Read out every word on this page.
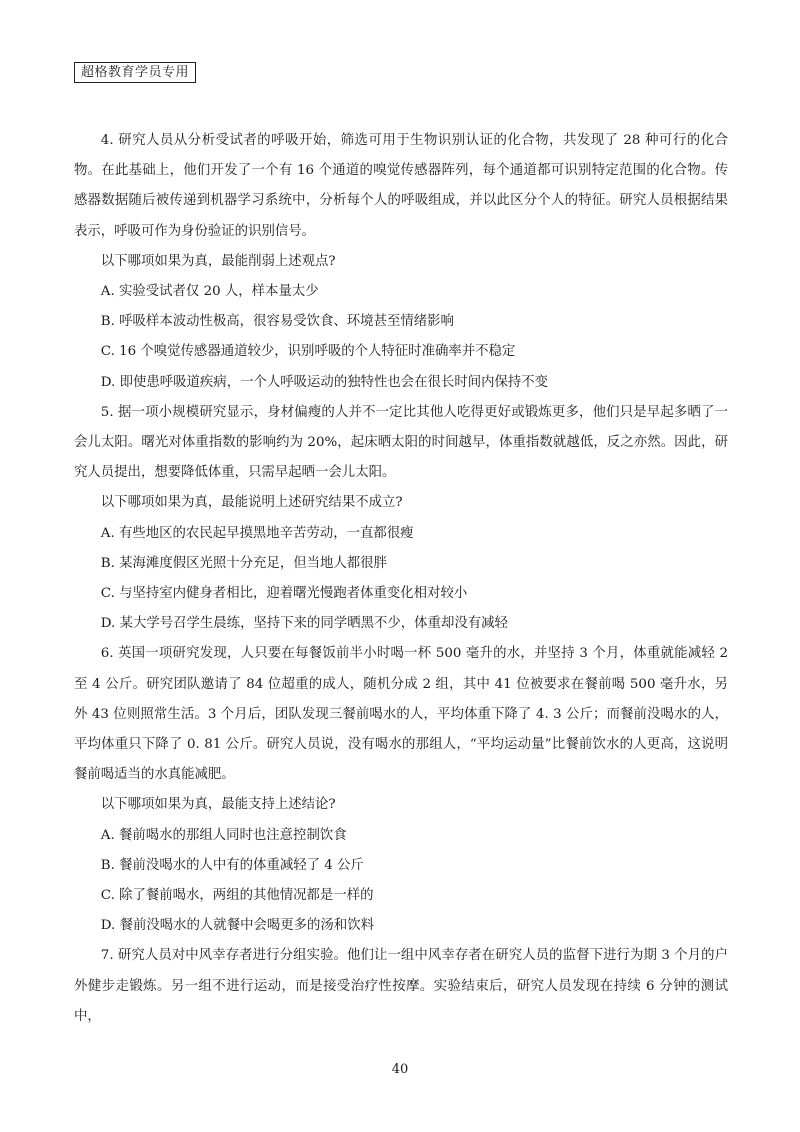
超格教育学员专用

4. 研究人员从分析受试者的呼吸开始，筛选可用于生物识别认证的化合物，共发现了 28 种可行的化合物。在此基础上，他们开发了一个有 16 个通道的嗅觉传感器阵列，每个通道都可识别特定范围的化合物。传感器数据随后被传递到机器学习系统中，分析每个人的呼吸组成，并以此区分个人的特征。研究人员根据结果表示，呼吸可作为身份验证的识别信号。

以下哪项如果为真，最能削弱上述观点?

A. 实验受试者仅 20 人，样本量太少

B. 呼吸样本波动性极高，很容易受饮食、环境甚至情绪影响

C. 16 个嗅觉传感器通道较少，识别呼吸的个人特征时准确率并不稳定

D. 即使患呼吸道疾病，一个人呼吸运动的独特性也会在很长时间内保持不变

5. 据一项小规模研究显示，身材偏瘦的人并不一定比其他人吃得更好或锻炼更多，他们只是早起多晒了一会儿太阳。曙光对体重指数的影响约为 20%，起床晒太阳的时间越早，体重指数就越低，反之亦然。因此，研究人员提出，想要降低体重，只需早起晒一会儿太阳。

以下哪项如果为真，最能说明上述研究结果不成立?

A. 有些地区的农民起早摸黑地辛苦劳动，一直都很瘦

B. 某海滩度假区光照十分充足，但当地人都很胖

C. 与坚持室内健身者相比，迎着曙光慢跑者体重变化相对较小

D. 某大学号召学生晨练，坚持下来的同学晒黑不少，体重却没有减轻

6. 英国一项研究发现，人只要在每餐饭前半小时喝一杯 500 毫升的水，并坚持 3 个月，体重就能减轻 2 至 4 公斤。研究团队邀请了 84 位超重的成人，随机分成 2 组，其中 41 位被要求在餐前喝 500 毫升水，另外 43 位则照常生活。3 个月后，团队发现三餐前喝水的人，平均体重下降了 4. 3 公斤；而餐前没喝水的人，平均体重只下降了 0. 81 公斤。研究人员说，没有喝水的那组人，“平均运动量”比餐前饮水的人更高，这说明餐前喝适当的水真能减肥。

以下哪项如果为真，最能支持上述结论?

A. 餐前喝水的那组人同时也注意控制饮食

B. 餐前没喝水的人中有的体重减轻了 4 公斤

C. 除了餐前喝水，两组的其他情况都是一样的

D. 餐前没喝水的人就餐中会喝更多的汤和饮料

7. 研究人员对中风幸存者进行分组实验。他们让一组中风幸存者在研究人员的监督下进行为期 3 个月的户外健步走锻炼。另一组不进行运动，而是接受治疗性按摩。实验结束后，研究人员发现在持续 6 分钟的测试中，

40
